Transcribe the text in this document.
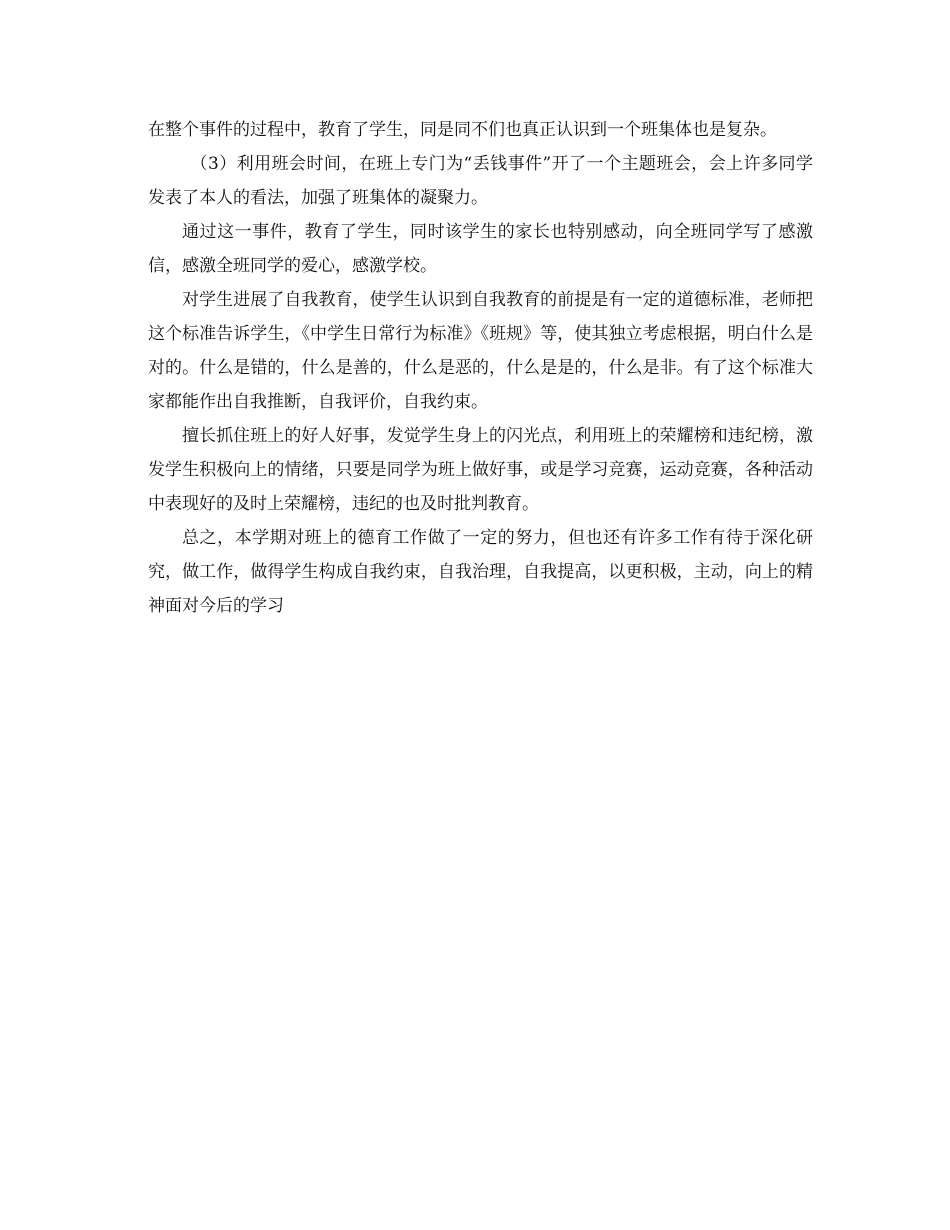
在整个事件的过程中，教育了学生，同是同不们也真正认识到一个班集体也是复杂。

（3）利用班会时间，在班上专门为“丢钱事件”开了一个主题班会，会上许多同学发表了本人的看法，加强了班集体的凝聚力。

通过这一事件，教育了学生，同时该学生的家长也特别感动，向全班同学写了感激信，感激全班同学的爱心，感激学校。

对学生进展了自我教育，使学生认识到自我教育的前提是有一定的道德标准，老师把这个标准告诉学生，《中学生日常行为标准》《班规》等，使其独立考虑根据，明白什么是对的。什么是错的，什么是善的，什么是恶的，什么是是的，什么是非。有了这个标准大家都能作出自我推断，自我评价，自我约束。

擅长抓住班上的好人好事，发觉学生身上的闪光点，利用班上的荣耀榜和违纪榜，激发学生积极向上的情绪，只要是同学为班上做好事，或是学习竞赛，运动竞赛，各种活动中表现好的及时上荣耀榜，违纪的也及时批判教育。

总之，本学期对班上的德育工作做了一定的努力，但也还有许多工作有待于深化研究，做工作，做得学生构成自我约束，自我治理，自我提高，以更积极，主动，向上的精神面对今后的学习
